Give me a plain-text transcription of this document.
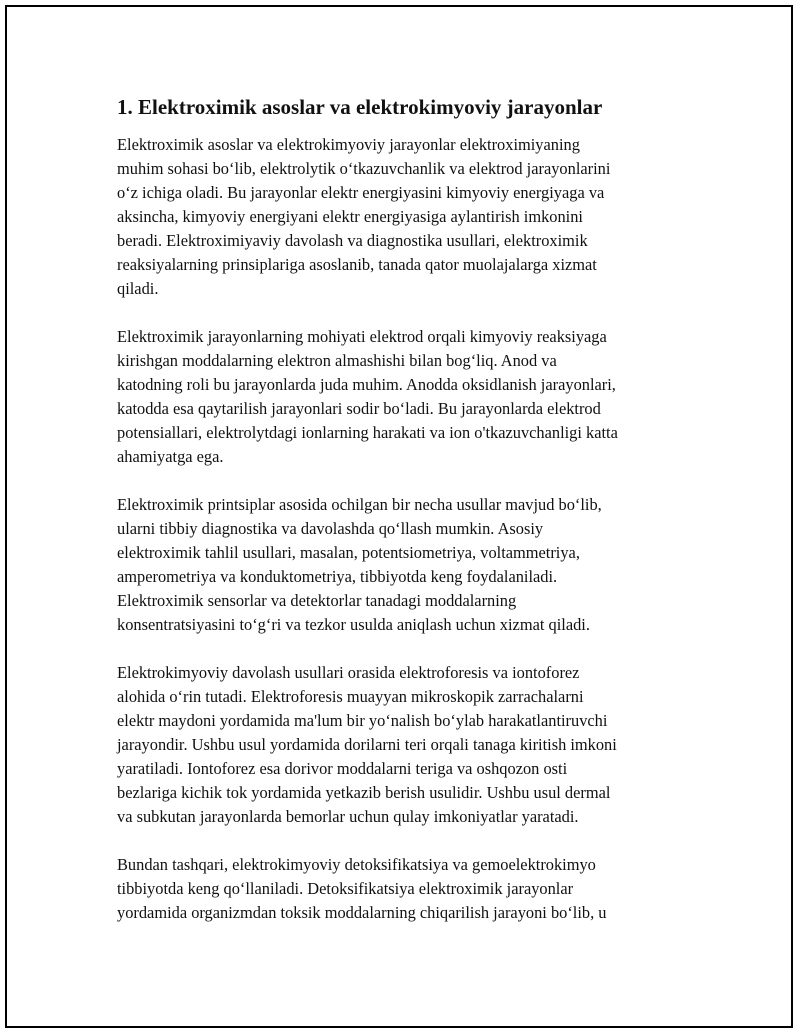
1. Elektroximik asoslar va elektrokimyoviy jarayonlar

Elektroximik asoslar va elektrokimyoviy jarayonlar elektroximiyaning
muhim sohasi bo‘lib, elektrolytik o‘tkazuvchanlik va elektrod jarayonlarini
o‘z ichiga oladi. Bu jarayonlar elektr energiyasini kimyoviy energiyaga va
aksincha, kimyoviy energiyani elektr energiyasiga aylantirish imkonini
beradi. Elektroximiyaviy davolash va diagnostika usullari, elektroximik
reaksiyalarning prinsiplariga asoslanib, tanada qator muolajalarga xizmat
qiladi.

Elektroximik jarayonlarning mohiyati elektrod orqali kimyoviy reaksiyaga
kirishgan moddalarning elektron almashishi bilan bog‘liq. Anod va
katodning roli bu jarayonlarda juda muhim. Anodda oksidlanish jarayonlari,
katodda esa qaytarilish jarayonlari sodir bo‘ladi. Bu jarayonlarda elektrod
potensiallari, elektrolytdagi ionlarning harakati va ion o'tkazuvchanligi katta
ahamiyatga ega.

Elektroximik printsiplar asosida ochilgan bir necha usullar mavjud bo‘lib,
ularni tibbiy diagnostika va davolashda qo‘llash mumkin. Asosiy
elektroximik tahlil usullari, masalan, potentsiometriya, voltammetriya,
amperometriya va konduktometriya, tibbiyotda keng foydalaniladi.
Elektroximik sensorlar va detektorlar tanadagi moddalarning
konsentratsiyasini to‘g‘ri va tezkor usulda aniqlash uchun xizmat qiladi.

Elektrokimyoviy davolash usullari orasida elektroforesis va iontoforez
alohida o‘rin tutadi. Elektroforesis muayyan mikroskopik zarrachalarni
elektr maydoni yordamida ma'lum bir yo‘nalish bo‘ylab harakatlantiruvchi
jarayondir. Ushbu usul yordamida dorilarni teri orqali tanaga kiritish imkoni
yaratiladi. Iontoforez esa dorivor moddalarni teriga va oshqozon osti
bezlariga kichik tok yordamida yetkazib berish usulidir. Ushbu usul dermal
va subkutan jarayonlarda bemorlar uchun qulay imkoniyatlar yaratadi.

Bundan tashqari, elektrokimyoviy detoksifikatsiya va gemoelektrokimyo
tibbiyotda keng qo‘llaniladi. Detoksifikatsiya elektroximik jarayonlar
yordamida organizmdan toksik moddalarning chiqarilish jarayoni bo‘lib, u
